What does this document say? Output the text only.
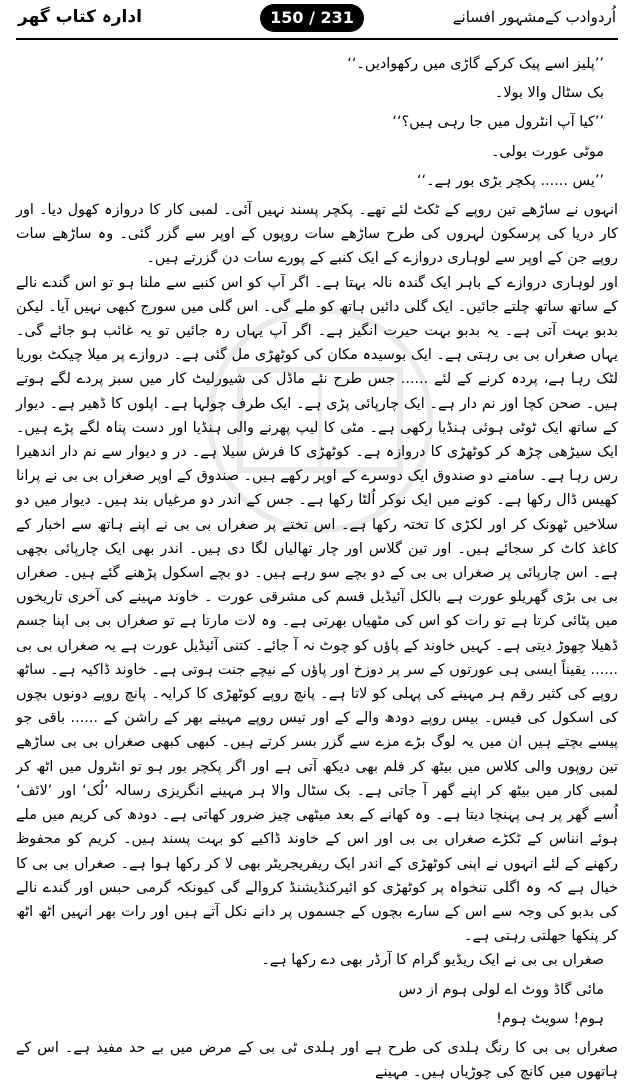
اُردوادب کےمشہور افسانے
150 / 231
ادارہ کتاب گھر

’’پلیز اسے پیک کرکے گاڑی میں رکھوادیں۔‘‘

بک سٹال والا بولا۔

’’کیا آپ انٹرول میں جا رہی ہیں؟‘‘

موٹی عورت بولی۔

’’یس ...... پکچر بڑی بور ہے۔‘‘

انہوں نے ساڑھے تین روپے کے ٹکٹ لئے تھے۔ پکچر پسند نہیں آئی۔ لمبی کار کا دروازہ کھول دیا۔ اور کار دریا کی پرسکون لہروں کی طرح ساڑھے سات روپوں کے اوپر سے گزر گئی۔ وہ ساڑھے سات روپے جن کے اوپر سے لوہاری دروازے کے ایک کنبے کے پورے سات دن گزرتے ہیں۔

اور لوہاری دروازے کے باہر ایک گندہ نالہ بہتا ہے۔ اگر آپ کو اس کنبے سے ملنا ہو تو اس گندے نالے کے ساتھ ساتھ چلتے جائیں۔ ایک گلی دائیں ہاتھ کو ملے گی۔ اس گلی میں سورج کبھی نہیں آیا۔ لیکن بدبو بہت آتی ہے۔ یہ بدبو بہت حیرت انگیز ہے۔ اگر آپ یہاں رہ جائیں تو یہ غائب ہو جائے گی۔ یہاں صغراں بی بی رہتی ہے۔ ایک بوسیدہ مکان کی کوٹھڑی مل گئی ہے۔ دروازے پر میلا چیکٹ بوریا لٹک رہا ہے، پردہ کرنے کے لئے ...... جس طرح نئے ماڈل کی شیورلیٹ کار میں سبز پردے لگے ہوتے ہیں۔ صحن کچا اور نم دار ہے۔ ایک چارپائی پڑی ہے۔ ایک طرف چولہا ہے۔ اپلوں کا ڈھیر ہے۔ دیوار کے ساتھ ایک ٹوٹی ہوئی ہنڈیا رکھی ہے۔ مٹی کا لیپ پھرنے والی ہنڈیا اور دست پناہ لگے پڑے ہیں۔ ایک سیڑھی چڑھ کر کوٹھڑی کا دروازہ ہے۔ کوٹھڑی کا فرش سیلا ہے۔ در و دیوار سے نم دار اندھیرا رس رہا ہے۔ سامنے دو صندوق ایک دوسرے کے اوپر رکھے ہیں۔ صندوق کے اوپر صغراں بی بی نے پرانا کھیس ڈال رکھا ہے۔ کونے میں ایک نوکر اُلٹا رکھا ہے۔ جس کے اندر دو مرغیاں بند ہیں۔ دیوار میں دو سلاخیں ٹھونک کر اور لکڑی کا تختہ رکھا ہے۔ اس تختے پر صغراں بی بی نے اپنے ہاتھ سے اخبار کے کاغذ کاٹ کر سجائے ہیں۔ اور تین گلاس اور چار تھالیاں لگا دی ہیں۔ اندر بھی ایک چارپائی بچھی ہے۔ اس چارپائی پر صغراں بی بی کے دو بچے سو رہے ہیں۔ دو بچے اسکول پڑھنے گئے ہیں۔ صغراں بی بی بڑی گھریلو عورت ہے بالکل آئیڈیل قسم کی مشرقی عورت ۔ خاوند مہینے کی آخری تاریخوں میں پٹائی کرتا ہے تو رات کو اس کی مٹھیاں بھرتی ہے۔ وہ لات مارتا ہے تو صغراں بی بی اپنا جسم ڈھیلا چھوڑ دیتی ہے۔ کہیں خاوند کے پاؤں کو چوٹ نہ آ جائے۔ کتنی آئیڈیل عورت ہے یہ صغراں بی بی ...... یقیناً ایسی ہی عورتوں کے سر پر دوزخ اور پاؤں کے نیچے جنت ہوتی ہے۔ خاوند ڈاکیہ ہے۔ ساٹھ روپے کی کثیر رقم ہر مہینے کی پہلی کو لاتا ہے۔ پانچ روپے کوٹھڑی کا کرایہ۔ پانچ روپے دونوں بچوں کی اسکول کی فیس۔ بیس روپے دودھ والے کے اور تیس روپے مہینے بھر کے راشن کے ...... باقی جو پیسے بچتے ہیں ان میں یہ لوگ بڑے مزے سے گزر بسر کرتے ہیں۔ کبھی کبھی صغراں بی بی ساڑھے تین روپوں والی کلاس میں بیٹھ کر فلم بھی دیکھ آتی ہے اور اگر پکچر بور ہو تو انٹرول میں اٹھ کر لمبی کار میں بیٹھ کر اپنے گھر آ جاتی ہے۔ بک سٹال والا ہر مہینے انگریزی رسالہ ’لُک‘ اور ’لائف‘ اُسے گھر پر ہی پہنچا دیتا ہے۔ وہ کھانے کے بعد میٹھی چیز ضرور کھاتی ہے۔ دودھ کی کریم میں ملے ہوئے انناس کے ٹکڑے صغراں بی بی اور اس کے خاوند ڈاکیے کو بہت پسند ہیں۔ کریم کو محفوظ رکھنے کے لئے انہوں نے اپنی کوٹھڑی کے اندر ایک ریفریجریٹر بھی لا کر رکھا ہوا ہے۔ صغراں بی بی کا خیال ہے کہ وہ اگلی تنخواہ پر کوٹھڑی کو ائیرکنڈیشنڈ کروالے گی کیونکہ گرمی حبس اور گندے نالے کی بدبو کی وجہ سے اس کے سارے بچوں کے جسموں پر دانے نکل آتے ہیں اور رات بھر انہیں اٹھ اٹھ کر پنکھا جھلتی رہتی ہے۔

صغراں بی بی نے ایک ریڈیو گرام کا آرڈر بھی دے رکھا ہے۔

مائی گاڈ ووٹ اے لولی ہوم از دس

ہوم! سویٹ ہوم!

صغراں بی بی کا رنگ ہلدی کی طرح ہے اور ہلدی ٹی بی کے مرض میں بے حد مفید ہے۔ اس کے ہاتھوں میں کانچ کی چوڑیاں ہیں۔ مہینے
